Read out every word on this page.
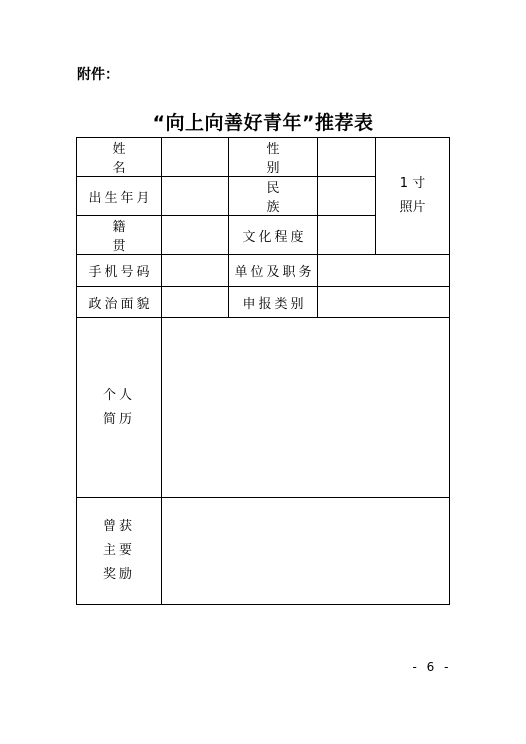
附件：
“向上向善好青年”推荐表
姓名		性别		1 寸
照片

出生年月		民族		
籍贯		文化程度		
手机号码		单位及职务		
政治面貌		申报类别		

个人
简历				

曾获
主要
奖励				

- 6 -
